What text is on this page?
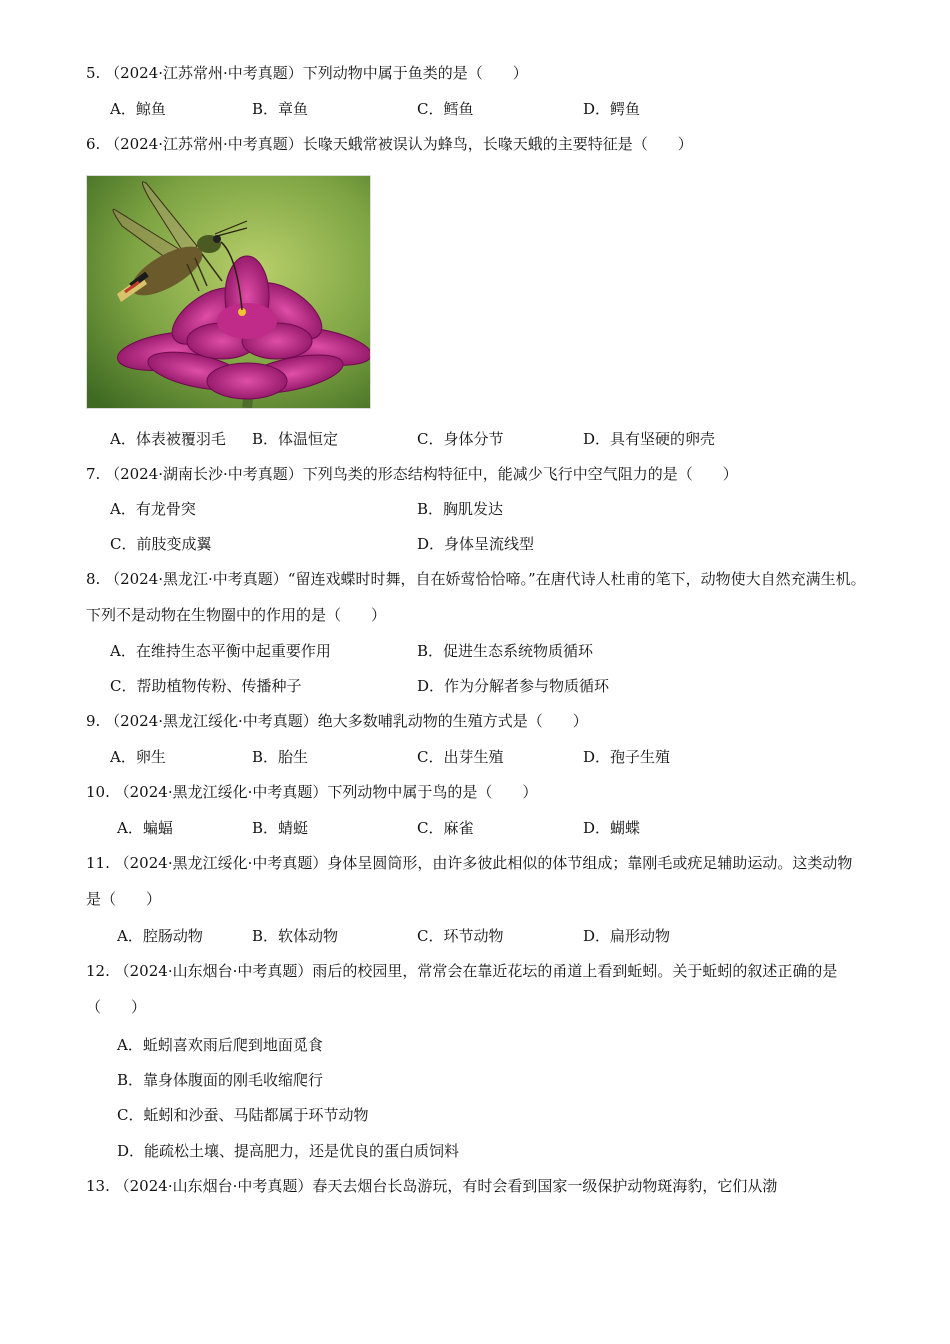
5. （2024·江苏常州·中考真题）下列动物中属于鱼类的是（　　）
A．鲸鱼	B．章鱼	C．鳕鱼	D．鳄鱼
6. （2024·江苏常州·中考真题）长喙天蛾常被误认为蜂鸟，长喙天蛾的主要特征是（　　）
A．体表被覆羽毛 B．体温恒定	C．身体分节	D．具有坚硬的卵壳
7. （2024·湖南长沙·中考真题）下列鸟类的形态结构特征中，能减少飞行中空气阻力的是（　　）
A．有龙骨突	B．胸肌发达
C．前肢变成翼	D．身体呈流线型
8. （2024·黑龙江·中考真题）“留连戏蝶时时舞，自在娇莺恰恰啼。”在唐代诗人杜甫的笔下，动物使大自然充满生机。下列不是动物在生物圈中的作用的是（　　）
A．在维持生态平衡中起重要作用	B．促进生态系统物质循环
C．帮助植物传粉、传播种子	D．作为分解者参与物质循环
9. （2024·黑龙江绥化·中考真题）绝大多数哺乳动物的生殖方式是（　　）
A．卵生	B．胎生	C．出芽生殖	D．孢子生殖
10. （2024·黑龙江绥化·中考真题）下列动物中属于鸟的是（　　）
A．蝙蝠	B．蜻蜓	C．麻雀	D．蝴蝶
11. （2024·黑龙江绥化·中考真题）身体呈圆筒形，由许多彼此相似的体节组成；靠刚毛或疣足辅助运动。这类动物是（　　）
A．腔肠动物	B．软体动物	C．环节动物	D．扁形动物
12. （2024·山东烟台·中考真题）雨后的校园里，常常会在靠近花坛的甬道上看到蚯蚓。关于蚯蚓的叙述正确的是（　　）
A．蚯蚓喜欢雨后爬到地面觅食
B．靠身体腹面的刚毛收缩爬行
C．蚯蚓和沙蚕、马陆都属于环节动物
D．能疏松土壤、提高肥力，还是优良的蛋白质饲料
13. （2024·山东烟台·中考真题）春天去烟台长岛游玩，有时会看到国家一级保护动物斑海豹，它们从渤
